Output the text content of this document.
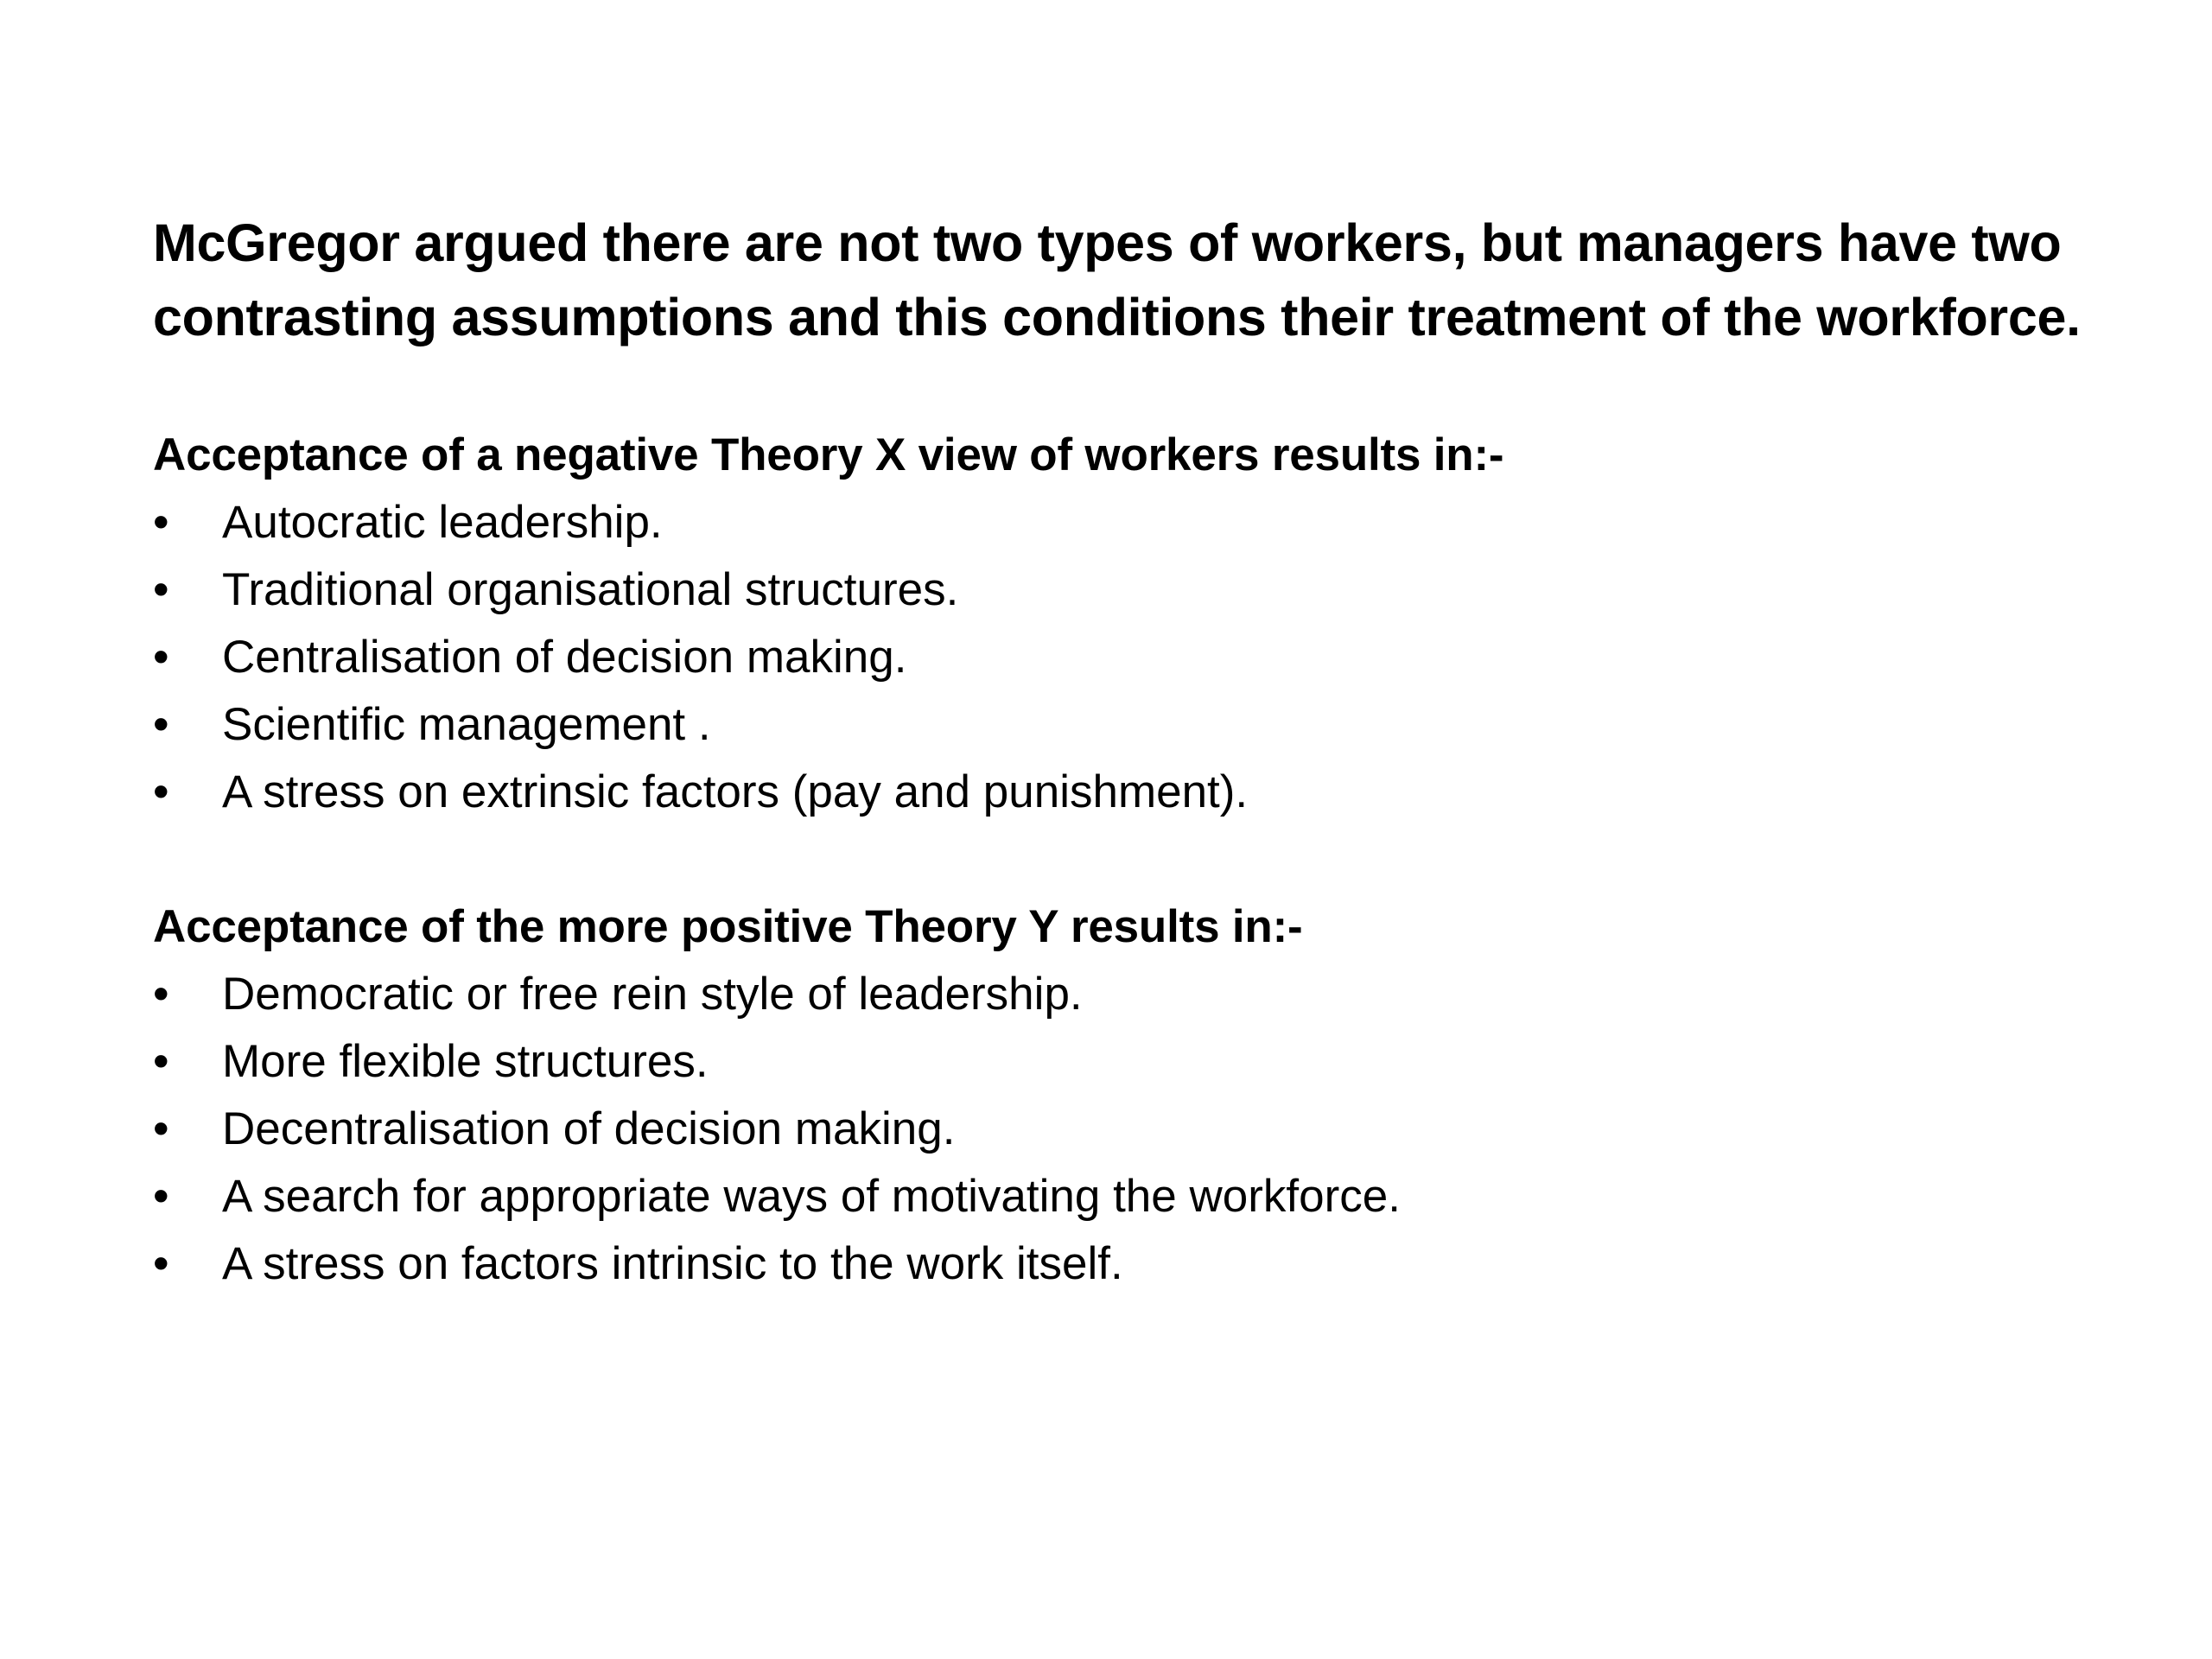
McGregor argued there are not two types of workers, but managers have two contrasting assumptions and this conditions their treatment of the workforce.

Acceptance of a negative Theory X view of workers results in:-

• Autocratic leadership.
• Traditional organisational structures.
• Centralisation of decision making.
• Scientific management .
• A stress on extrinsic factors (pay and punishment).

Acceptance of the more positive Theory Y results in:-

• Democratic or free rein style of leadership.
• More flexible structures.
• Decentralisation of decision making.
• A search for appropriate ways of motivating the workforce.
• A stress on factors intrinsic to the work itself.
